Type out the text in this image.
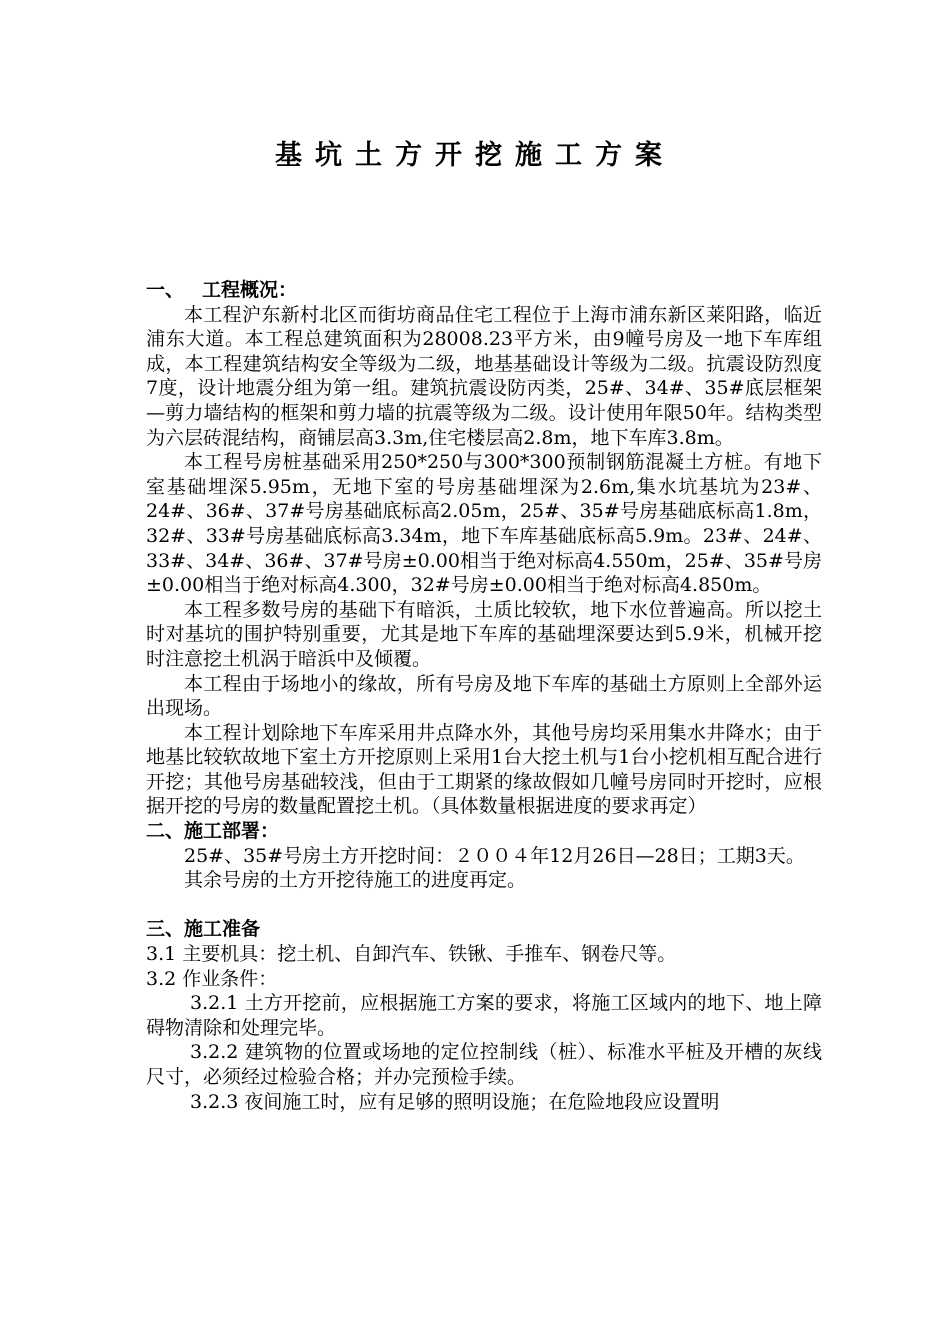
基坑土方开挖施工方案

一、 工程概况：

本工程沪东新村北区而街坊商品住宅工程位于上海市浦东新区莱阳路，临近浦东大道。本工程总建筑面积为28008.23平方米，由9幢号房及一地下车库组成，本工程建筑结构安全等级为二级，地基基础设计等级为二级。抗震设防烈度7度，设计地震分组为第一组。建筑抗震设防丙类，25#、34#、35#底层框架—剪力墙结构的框架和剪力墙的抗震等级为二级。设计使用年限50年。结构类型为六层砖混结构，商铺层高3.3m,住宅楼层高2.8m，地下车库3.8m。

本工程号房桩基础采用250*250与300*300预制钢筋混凝土方桩。有地下室基础埋深5.95m，无地下室的号房基础埋深为2.6m,集水坑基坑为23#、24#、36#、37#号房基础底标高2.05m，25#、35#号房基础底标高1.8m，32#、33#号房基础底标高3.34m，地下车库基础底标高5.9m。23#、24#、33#、34#、36#、37#号房±0.00相当于绝对标高4.550m，25#、35#号房±0.00相当于绝对标高4.300，32#号房±0.00相当于绝对标高4.850m。

本工程多数号房的基础下有暗浜，土质比较软，地下水位普遍高。所以挖土时对基坑的围护特别重要，尤其是地下车库的基础埋深要达到5.9米，机械开挖时注意挖土机涡于暗浜中及倾覆。

本工程由于场地小的缘故，所有号房及地下车库的基础土方原则上全部外运出现场。

本工程计划除地下车库采用井点降水外，其他号房均采用集水井降水；由于地基比较软故地下室土方开挖原则上采用1台大挖土机与1台小挖机相互配合进行开挖；其他号房基础较浅，但由于工期紧的缘故假如几幢号房同时开挖时，应根据开挖的号房的数量配置挖土机。（具体数量根据进度的要求再定）

二、施工部署：

25#、35#号房土方开挖时间：２００４年12月26日—28日；工期3天。

其余号房的土方开挖待施工的进度再定。

三、施工准备

3.1 主要机具：挖土机、自卸汽车、铁锹、手推车、钢卷尺等。

3.2 作业条件：

3.2.1 土方开挖前，应根据施工方案的要求，将施工区域内的地下、地上障碍物清除和处理完毕。

3.2.2 建筑物的位置或场地的定位控制线（桩）、标准水平桩及开槽的灰线尺寸，必须经过检验合格；并办完预检手续。

3.2.3 夜间施工时，应有足够的照明设施；在危险地段应设置明
